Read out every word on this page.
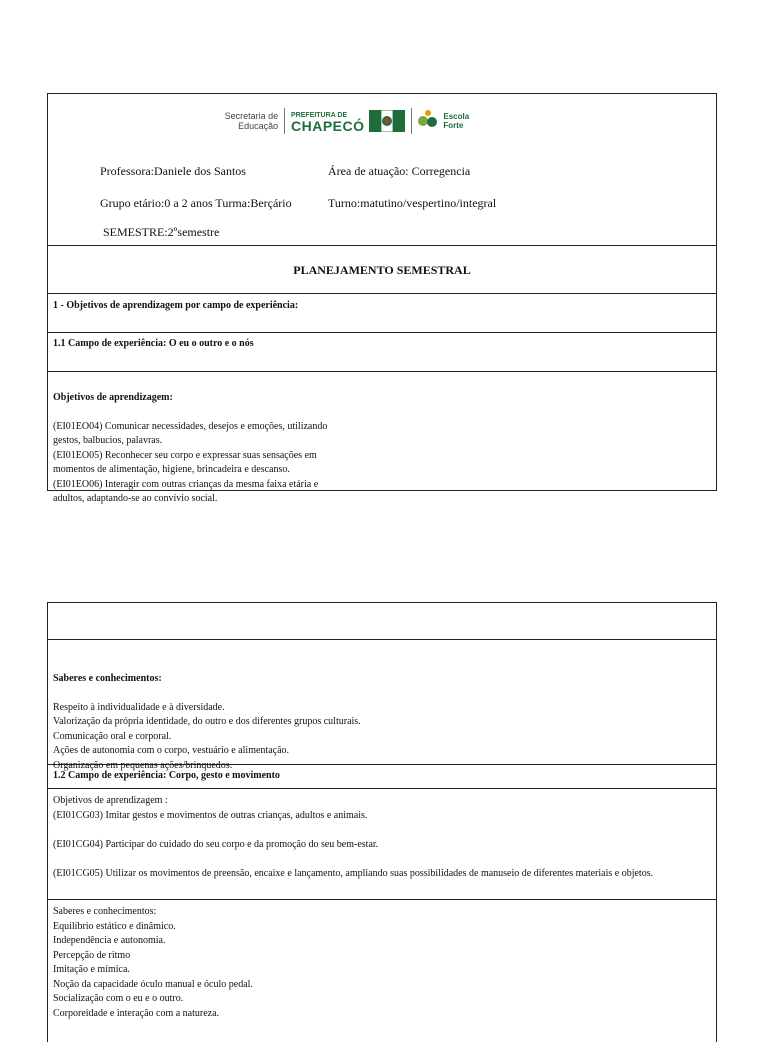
Secretaria de Educação
PREFEITURA DE
CHAPECÓ
Escola Forte
Professora:Daniele dos Santos	Área de atuação: Corregencia
Grupo etário:0 a 2 anos Turma:Berçário	Turno:matutino/vespertino/integral
SEMESTRE:2ºsemestre
PLANEJAMENTO SEMESTRAL
1 - Objetivos de aprendizagem por campo de experiência:
1.1 Campo de experiência: O eu o outro e o nós

Objetivos de aprendizagem:

(EI01EO04) Comunicar necessidades, desejos e emoções, utilizando
gestos, balbucios, palavras.
(EI01EO05) Reconhecer seu corpo e expressar suas sensações em
momentos de alimentação, higiene, brincadeira e descanso.
(EI01EO06) Interagir com outras crianças da mesma faixa etária e
adultos, adaptando-se ao convívio social.

Saberes e conhecimentos:

Respeito à individualidade e à diversidade.
Valorização da própria identidade, do outro e dos diferentes grupos culturais.
Comunicação oral e corporal.
Ações de autonomia com o corpo, vestuário e alimentação.
Organização em pequenas ações/brinquedos.

1.2 Campo de experiência: Corpo, gesto e movimento
Objetivos de aprendizagem :
(EI01CG03) Imitar gestos e movimentos de outras crianças, adultos e animais.

(EI01CG04) Participar do cuidado do seu corpo e da promoção do seu bem-estar.

(EI01CG05) Utilizar os movimentos de preensão, encaixe e lançamento, ampliando suas possibilidades de manuseio de diferentes materiais e objetos.
Saberes e conhecimentos:
Equilíbrio estático e dinâmico.
Independência e autonomia.
Percepção de ritmo
Imitação e mímica.
Noção da capacidade óculo manual e óculo pedal.
Socialização com o eu e o outro.
Corporeidade e interação com a natureza.
